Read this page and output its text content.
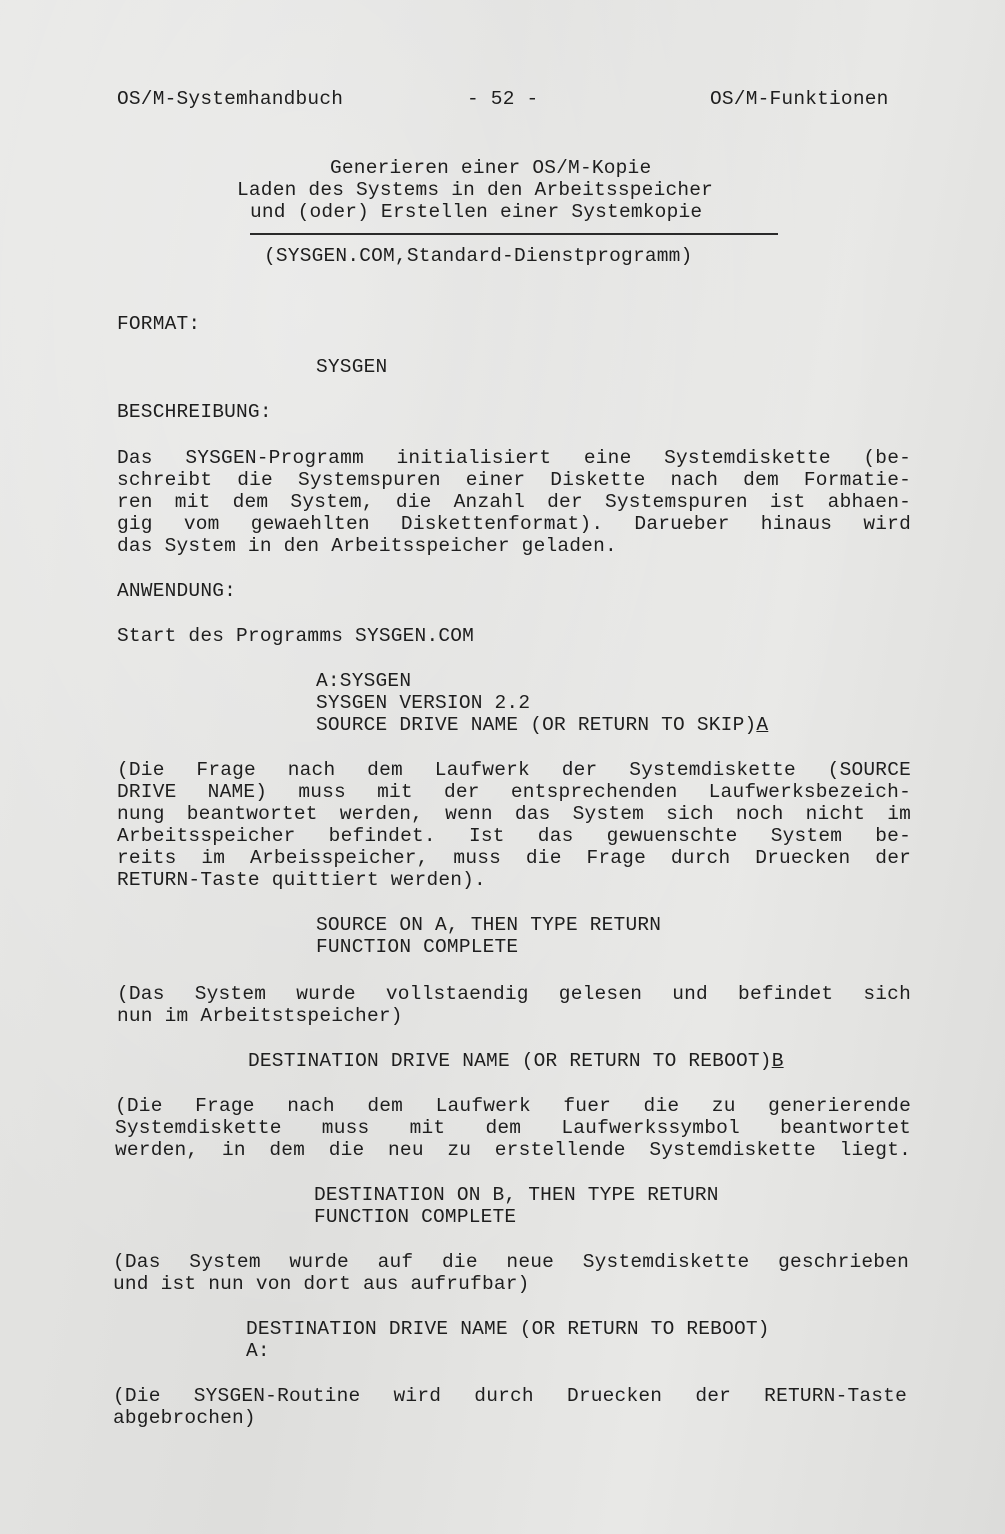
OS/M-Systemhandbuch	- 52 -	OS/M-Funktionen
Generieren einer OS/M-Kopie
Laden des Systems in den Arbeitsspeicher
und (oder) Erstellen einer Systemkopie
(SYSGEN.COM,Standard-Dienstprogramm)
FORMAT:
SYSGEN
BESCHREIBUNG:
Das SYSGEN-Programm initialisiert eine Systemdiskette (be-
schreibt die Systemspuren einer Diskette nach dem Formatie-
ren mit dem System, die Anzahl der Systemspuren ist abhaen-
gig vom gewaehlten Diskettenformat). Darueber hinaus wird
das System in den Arbeitsspeicher geladen.
ANWENDUNG:
Start des Programms SYSGEN.COM
A:SYSGEN
SYSGEN VERSION 2.2
SOURCE DRIVE NAME (OR RETURN TO SKIP)A
(Die Frage nach dem Laufwerk der Systemdiskette (SOURCE
DRIVE NAME) muss mit der entsprechenden Laufwerksbezeich-
nung beantwortet werden, wenn das System sich noch nicht im
Arbeitsspeicher befindet. Ist das gewuenschte System be-
reits im Arbeisspeicher, muss die Frage durch Druecken der
RETURN-Taste quittiert werden).
SOURCE ON A, THEN TYPE RETURN
FUNCTION COMPLETE
(Das System wurde vollstaendig gelesen und befindet sich
nun im Arbeitstspeicher)
DESTINATION DRIVE NAME (OR RETURN TO REBOOT)B
(Die Frage nach dem Laufwerk fuer die zu generierende
Systemdiskette muss mit dem Laufwerkssymbol beantwortet
werden, in dem die neu zu erstellende Systemdiskette liegt.
DESTINATION ON B, THEN TYPE RETURN
FUNCTION COMPLETE
(Das System wurde auf die neue Systemdiskette geschrieben
und ist nun von dort aus aufrufbar)
DESTINATION DRIVE NAME (OR RETURN TO REBOOT)
A:
(Die SYSGEN-Routine wird durch Druecken der RETURN-Taste
abgebrochen)
